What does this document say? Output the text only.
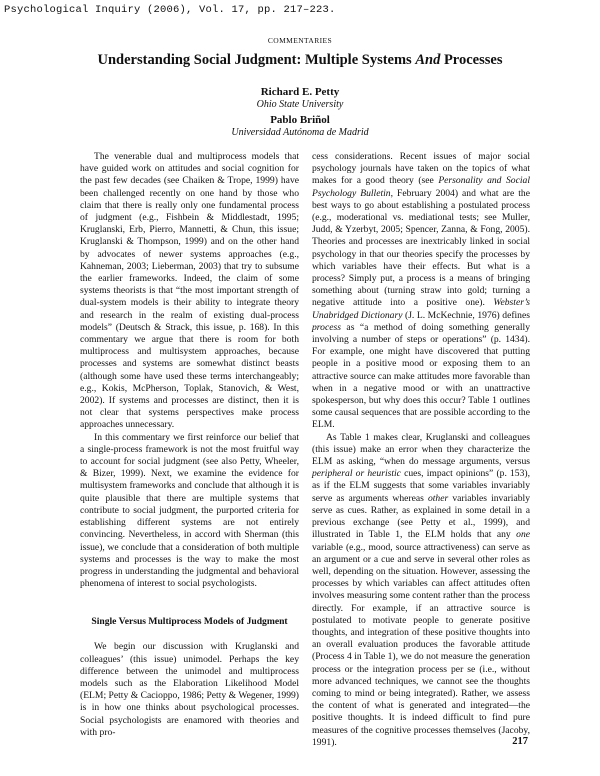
Psychological Inquiry (2006), Vol. 17, pp. 217–223.
COMMENTARIES
Understanding Social Judgment: Multiple Systems And Processes
Richard E. Petty
Ohio State University
Pablo Briñol
Universidad Autónoma de Madrid

The venerable dual and multiprocess models that have guided work on attitudes and social cognition for the past few decades (see Chaiken & Trope, 1999) have been challenged recently on one hand by those who claim that there is really only one fundamental process of judgment (e.g., Fishbein & Middlestadt, 1995; Kruglanski, Erb, Pierro, Mannetti, & Chun, this issue; Kruglanski & Thompson, 1999) and on the other hand by advocates of newer systems approaches (e.g., Kahneman, 2003; Lieberman, 2003) that try to subsume the earlier frameworks. Indeed, the claim of some systems theorists is that “the most important strength of dual-system models is their ability to integrate theory and research in the realm of existing dual-process models” (Deutsch & Strack, this issue, p. 168). In this commentary we argue that there is room for both multiprocess and multisystem approaches, because processes and systems are somewhat distinct beasts (although some have used these terms interchangeably; e.g., Kokis, McPherson, Toplak, Stanovich, & West, 2002). If systems and processes are distinct, then it is not clear that systems perspectives make process approaches unnecessary.

In this commentary we first reinforce our belief that a single-process framework is not the most fruitful way to account for social judgment (see also Petty, Wheeler, & Bizer, 1999). Next, we examine the evidence for multisystem frameworks and conclude that although it is quite plausible that there are multiple systems that contribute to social judgment, the purported criteria for establishing different systems are not entirely convincing. Nevertheless, in accord with Sherman (this issue), we conclude that a consideration of both multiple systems and processes is the way to make the most progress in understanding the judgmental and behavioral phenomena of interest to social psychologists.

Single Versus Multiprocess Models of Judgment

We begin our discussion with Kruglanski and colleagues’ (this issue) unimodel. Perhaps the key difference between the unimodel and multiprocess models such as the Elaboration Likelihood Model (ELM; Petty & Cacioppo, 1986; Petty & Wegener, 1999) is in how one thinks about psychological processes. Social psychologists are enamored with theories and with pro-

cess considerations. Recent issues of major social psychology journals have taken on the topics of what makes for a good theory (see Personality and Social Psychology Bulletin, February 2004) and what are the best ways to go about establishing a postulated process (e.g., moderational vs. mediational tests; see Muller, Judd, & Yzerbyt, 2005; Spencer, Zanna, & Fong, 2005). Theories and processes are inextricably linked in social psychology in that our theories specify the processes by which variables have their effects. But what is a process? Simply put, a process is a means of bringing something about (turning straw into gold; turning a negative attitude into a positive one). Webster’s Unabridged Dictionary (J. L. McKechnie, 1976) defines process as “a method of doing something generally involving a number of steps or operations” (p. 1434). For example, one might have discovered that putting people in a positive mood or exposing them to an attractive source can make attitudes more favorable than when in a negative mood or with an unattractive spokesperson, but why does this occur? Table 1 outlines some causal sequences that are possible according to the ELM.

As Table 1 makes clear, Kruglanski and colleagues (this issue) make an error when they characterize the ELM as asking, “when do message arguments, versus peripheral or heuristic cues, impact opinions” (p. 153), as if the ELM suggests that some variables invariably serve as arguments whereas other variables invariably serve as cues. Rather, as explained in some detail in a previous exchange (see Petty et al., 1999), and illustrated in Table 1, the ELM holds that any one variable (e.g., mood, source attractiveness) can serve as an argument or a cue and serve in several other roles as well, depending on the situation. However, assessing the processes by which variables can affect attitudes often involves measuring some content rather than the process directly. For example, if an attractive source is postulated to motivate people to generate positive thoughts, and integration of these positive thoughts into an overall evaluation produces the favorable attitude (Process 4 in Table 1), we do not measure the generation process or the integration process per se (i.e., without more advanced techniques, we cannot see the thoughts coming to mind or being integrated). Rather, we assess the content of what is generated and integrated—the positive thoughts. It is indeed difficult to find pure measures of the cognitive processes themselves (Jacoby, 1991).	217
